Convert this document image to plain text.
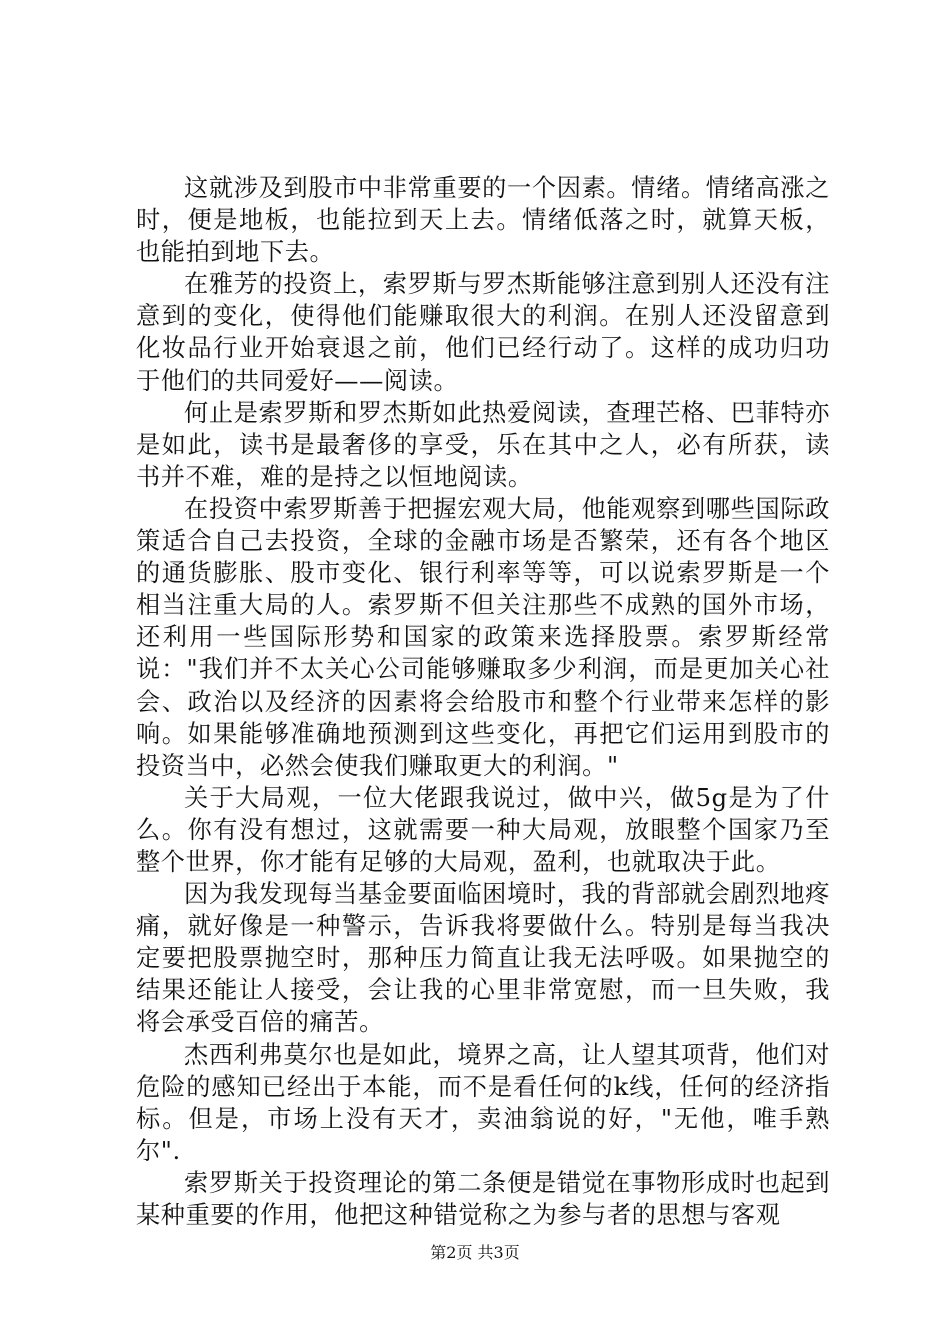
这就涉及到股市中非常重要的一个因素。情绪。情绪高涨之时，便是地板，也能拉到天上去。情绪低落之时，就算天板，也能拍到地下去。

在雅芳的投资上，索罗斯与罗杰斯能够注意到别人还没有注意到的变化，使得他们能赚取很大的利润。在别人还没留意到化妆品行业开始衰退之前，他们已经行动了。这样的成功归功于他们的共同爱好——阅读。

何止是索罗斯和罗杰斯如此热爱阅读，查理芒格、巴菲特亦是如此，读书是最奢侈的享受，乐在其中之人，必有所获，读书并不难，难的是持之以恒地阅读。

在投资中索罗斯善于把握宏观大局，他能观察到哪些国际政策适合自己去投资，全球的金融市场是否繁荣，还有各个地区的通货膨胀、股市变化、银行利率等等，可以说索罗斯是一个相当注重大局的人。索罗斯不但关注那些不成熟的国外市场，还利用一些国际形势和国家的政策来选择股票。索罗斯经常说："我们并不太关心公司能够赚取多少利润，而是更加关心社会、政治以及经济的因素将会给股市和整个行业带来怎样的影响。如果能够准确地预测到这些变化，再把它们运用到股市的投资当中，必然会使我们赚取更大的利润。"

关于大局观，一位大佬跟我说过，做中兴，做5g是为了什么。你有没有想过，这就需要一种大局观，放眼整个国家乃至整个世界，你才能有足够的大局观，盈利，也就取决于此。

因为我发现每当基金要面临困境时，我的背部就会剧烈地疼痛，就好像是一种警示，告诉我将要做什么。特别是每当我决定要把股票抛空时，那种压力简直让我无法呼吸。如果抛空的结果还能让人接受，会让我的心里非常宽慰，而一旦失败，我将会承受百倍的痛苦。

杰西利弗莫尔也是如此，境界之高，让人望其项背，他们对危险的感知已经出于本能，而不是看任何的k线，任何的经济指标。但是，市场上没有天才，卖油翁说的好，"无他，唯手熟尔".

索罗斯关于投资理论的第二条便是错觉在事物形成时也起到某种重要的作用，他把这种错觉称之为参与者的思想与客观

第2页 共3页
